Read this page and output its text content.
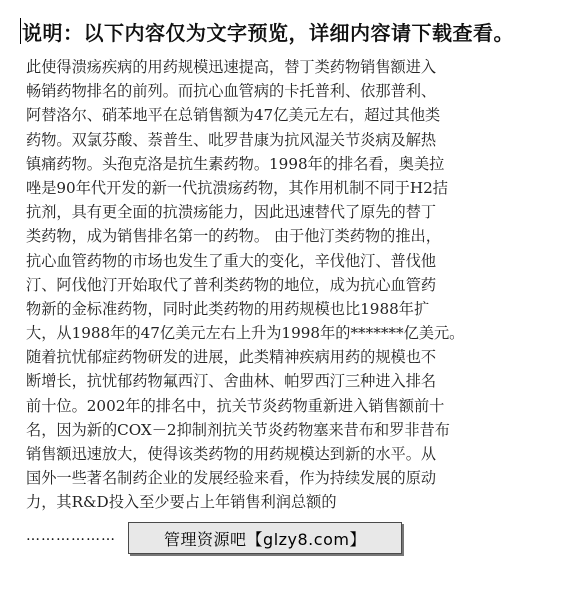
说明：以下内容仅为文字预览，详细内容请下载查看。
此使得溃疡疾病的用药规模迅速提高，替丁类药物销售额进入
畅销药物排名的前列。而抗心血管病的卡托普利、依那普利、
阿替洛尔、硝苯地平在总销售额为47亿美元左右，超过其他类
药物。双氯芬酸、萘普生、吡罗昔康为抗风湿关节炎病及解热
镇痛药物。头孢克洛是抗生素药物。1998年的排名看，奥美拉
唑是90年代开发的新一代抗溃疡药物，其作用机制不同于H2拮
抗剂，具有更全面的抗溃疡能力，因此迅速替代了原先的替丁
类药物，成为销售排名第一的药物。 由于他汀类药物的推出，
抗心血管药物的市场也发生了重大的变化，辛伐他汀、普伐他
汀、阿伐他汀开始取代了普利类药物的地位，成为抗心血管药
物新的金标准药物，同时此类药物的用药规模也比1988年扩
大，从1988年的47亿美元左右上升为1998年的*******亿美元。
随着抗忧郁症药物研发的进展，此类精神疾病用药的规模也不
断增长，抗忧郁药物氟西汀、舍曲林、帕罗西汀三种进入排名
前十位。2002年的排名中，抗关节炎药物重新进入销售额前十
名，因为新的COX－2抑制剂抗关节炎药物塞来昔布和罗非昔布
销售额迅速放大，使得该类药物的用药规模达到新的水平。从
国外一些著名制药企业的发展经验来看，作为持续发展的原动
力，其R&D投入至少要占上年销售利润总额的
………………	管理资源吧【glzy8.com】
